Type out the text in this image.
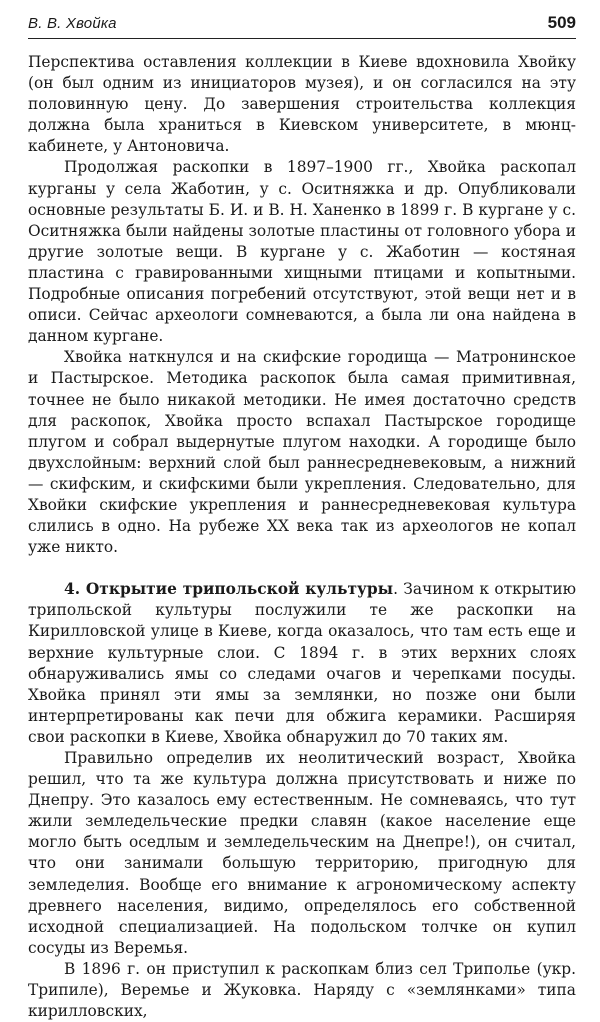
В. В. Хвойка	509

Перспектива оставления коллекции в Киеве вдохновила Хвойку (он был одним из инициаторов музея), и он согласился на эту половинную цену. До завершения строительства коллекция должна была храниться в Киевском университете, в мюнц-кабинете, у Антоновича.

Продолжая раскопки в 1897–1900 гг., Хвойка раскопал курганы у села Жаботин, у с. Оситняжка и др. Опубликовали основные результаты Б. И. и В. Н. Ханенко в 1899 г. В кургане у с. Оситняжка были найдены золотые пластины от головного убора и другие золотые вещи. В кургане у с. Жаботин — костяная пластина с гравированными хищными птицами и копытными. Подробные описания погребений отсутствуют, этой вещи нет и в описи. Сейчас археологи сомневаются, а была ли она найдена в данном кургане.

Хвойка наткнулся и на скифские городища — Матронинское и Пастырское. Методика раскопок была самая примитивная, точнее не было никакой методики. Не имея достаточно средств для раскопок, Хвойка просто вспахал Пастырское городище плугом и собрал выдернутые плугом находки. А городище было двухслойным: верхний слой был раннесредневековым, а нижний — скифским, и скифскими были укрепления. Следовательно, для Хвойки скифские укрепления и раннесредневековая культура слились в одно. На рубеже XX века так из археологов не копал уже никто.

4. Открытие трипольской культуры. Зачином к открытию трипольской культуры послужили те же раскопки на Кирилловской улице в Киеве, когда оказалось, что там есть еще и верхние культурные слои. С 1894 г. в этих верхних слоях обнаруживались ямы со следами очагов и черепками посуды. Хвойка принял эти ямы за землянки, но позже они были интерпретированы как печи для обжига керамики. Расширяя свои раскопки в Киеве, Хвойка обнаружил до 70 таких ям.

Правильно определив их неолитический возраст, Хвойка решил, что та же культура должна присутствовать и ниже по Днепру. Это казалось ему естественным. Не сомневаясь, что тут жили земледельческие предки славян (какое население еще могло быть оседлым и земледельческим на Днепре!), он считал, что они занимали большую территорию, пригодную для земледелия. Вообще его внимание к агрономическому аспекту древнего населения, видимо, определялось его собственной исходной специализацией. На подольском толчке он купил сосуды из Веремья.

В 1896 г. он приступил к раскопкам близ сел Триполье (укр. Трипиле), Веремье и Жуковка. Наряду с «землянками» типа кирилловских,
